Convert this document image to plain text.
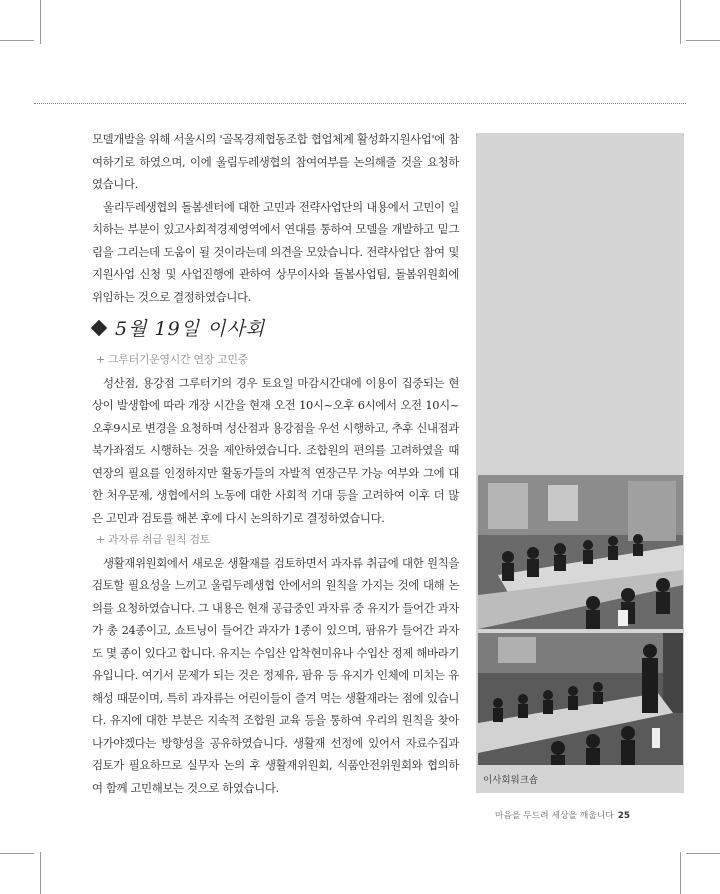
이사회워크숍

모델개발을 위해 서울시의 '골목경제협동조합 협업체계 활성화지원사업'에 참여하기로 하였으며, 이에 울림두레생협의 참여여부를 논의해줄 것을 요청하였습니다.

울리두레생협의 돌봄센터에 대한 고민과 전략사업단의 내용에서 고민이 일치하는 부분이 있고사회적경제영역에서 연대를 통하여 모델을 개발하고 밑그림을 그리는데 도움이 될 것이라는데 의견을 모았습니다. 전략사업단 참여 및 지원사업 신청 및 사업진행에 관하여 상무이사와 돌봄사업팀, 돌봄위원회에 위임하는 것으로 결정하였습니다.

5월 19일 이사회

+ 그루터기운영시간 연장 고민중

성산점, 용강점 그루터기의 경우 토요일 마감시간대에 이용이 집중되는 현상이 발생함에 따라 개장 시간을 현재 오전 10시~오후 6시에서 오전 10시~오후9시로 변경을 요청하며 성산점과 용강점을 우선 시행하고, 추후 신내점과 북가좌점도 시행하는 것을 제안하였습니다. 조합원의 편의를 고려하였을 때 연장의 필요를 인정하지만 활동가들의 자발적 연장근무 가능 여부와 그에 대한 처우문제, 생협에서의 노동에 대한 사회적 기대 등을 고려하여 이후 더 많은 고민과 검토를 해본 후에 다시 논의하기로 결정하였습니다.

+ 과자류 취급 원칙 검토

생활재위원회에서 새로운 생활재를 검토하면서 과자류 취급에 대한 원칙을 검토할 필요성을 느끼고 울림두레생협 안에서의 원칙을 가지는 것에 대해 논의를 요청하였습니다. 그 내용은 현재 공급중인 과자류 중 유지가 들어간 과자가 총 24종이고, 쇼트닝이 들어간 과자가 1종이 있으며, 팜유가 들어간 과자도 몇 종이 있다고 합니다. 유지는 수입산 압착현미유나 수입산 정제 해바라기유입니다. 여기서 문제가 되는 것은 정제유, 팜유 등 유지가 인체에 미치는 유해성 때문이며, 특히 과자류는 어린이들이 즐겨 먹는 생활재라는 점에 있습니다. 유지에 대한 부분은 지속적 조합원 교육 등을 통하여 우리의 원칙을 찾아나가야겠다는 방향성을 공유하였습니다. 생활재 선정에 있어서 자료수집과 검토가 필요하므로 실무자 논의 후 생활재위원회, 식품안전위원회와 협의하여 함께 고민해보는 것으로 하였습니다.

마음을 두드려 세상을 깨웁니다 25
